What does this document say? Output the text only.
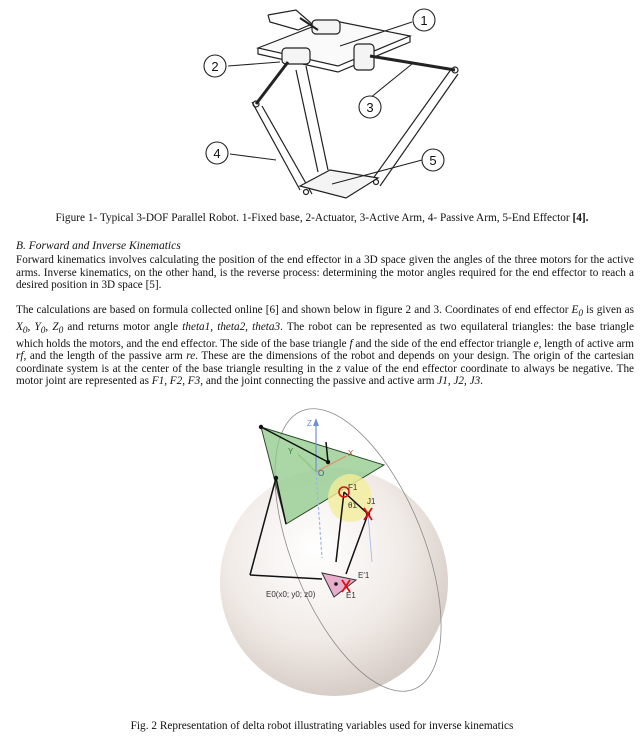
1
2
3
4	5
Figure 1- Typical 3-DOF Parallel Robot. 1-Fixed base, 2-Actuator, 3-Active Arm, 4- Passive Arm, 5-End Effector [4].
B. Forward and Inverse Kinematics
Forward kinematics involves calculating the position of the end effector in a 3D space given the angles of the three motors for the active arms. Inverse kinematics, on the other hand, is the reverse process: determining the motor angles required for the end effector to reach a desired position in 3D space [5].
The calculations are based on formula collected online [6] and shown below in figure 2 and 3. Coordinates of end effector $E_0$ is given as $X_0$, $Y_0$, $Z_0$ and returns motor angle theta1, theta2, theta3. The robot can be represented as two equilateral triangles: the base triangle which holds the motors, and the end effector. The side of the base triangle f and the side of the end effector triangle e, length of active arm rf, and the length of the passive arm re. These are the dimensions of the robot and depends on your design. The origin of the cartesian coordinate system is at the center of the base triangle resulting in the z value of the end effector coordinate to always be negative. The motor joint are represented as F1, F2, F3, and the joint connecting the passive and active arm J1, J2, J3.
Z
Y	X
O
F1
J1
θ1
E'1
E1
E0(x0; y0; z0)
Fig. 2 Representation of delta robot illustrating variables used for inverse kinematics
